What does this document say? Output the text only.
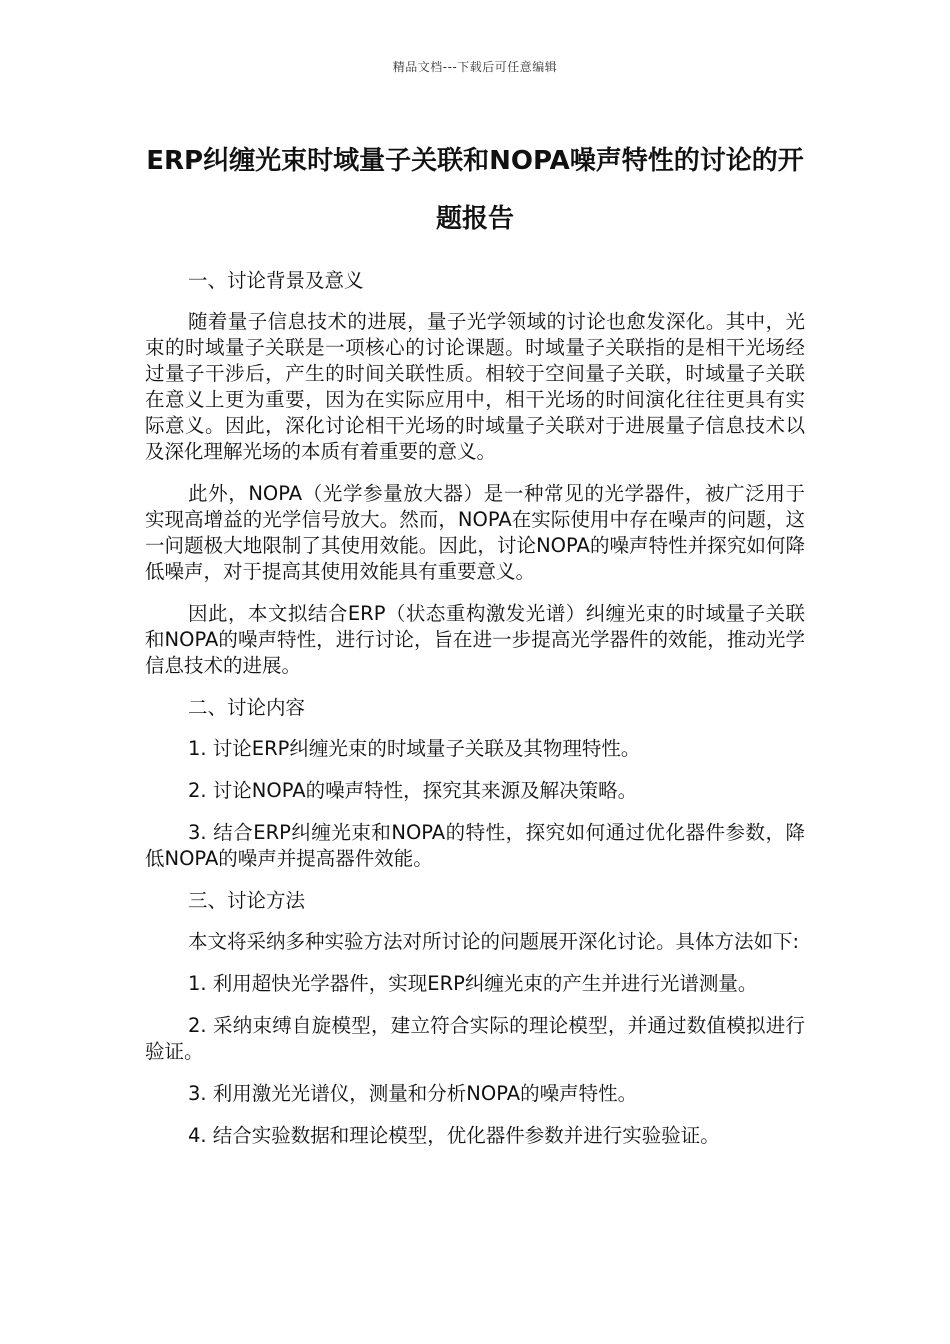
精品文档---下载后可任意编辑
ERP纠缠光束时域量子关联和NOPA噪声特性的讨论的开题报告

一、讨论背景及意义

随着量子信息技术的进展，量子光学领域的讨论也愈发深化。其中，光束的时域量子关联是一项核心的讨论课题。时域量子关联指的是相干光场经过量子干涉后，产生的时间关联性质。相较于空间量子关联，时域量子关联在意义上更为重要，因为在实际应用中，相干光场的时间演化往往更具有实际意义。因此，深化讨论相干光场的时域量子关联对于进展量子信息技术以及深化理解光场的本质有着重要的意义。

此外，NOPA（光学参量放大器）是一种常见的光学器件，被广泛用于实现高增益的光学信号放大。然而，NOPA在实际使用中存在噪声的问题，这一问题极大地限制了其使用效能。因此，讨论NOPA的噪声特性并探究如何降低噪声，对于提高其使用效能具有重要意义。

因此，本文拟结合ERP（状态重构激发光谱）纠缠光束的时域量子关联和NOPA的噪声特性，进行讨论，旨在进一步提高光学器件的效能，推动光学信息技术的进展。

二、讨论内容

1. 讨论ERP纠缠光束的时域量子关联及其物理特性。

2. 讨论NOPA的噪声特性，探究其来源及解决策略。

3. 结合ERP纠缠光束和NOPA的特性，探究如何通过优化器件参数，降低NOPA的噪声并提高器件效能。

三、讨论方法

本文将采纳多种实验方法对所讨论的问题展开深化讨论。具体方法如下:

1. 利用超快光学器件，实现ERP纠缠光束的产生并进行光谱测量。

2. 采纳束缚自旋模型，建立符合实际的理论模型，并通过数值模拟进行验证。

3. 利用激光光谱仪，测量和分析NOPA的噪声特性。

4. 结合实验数据和理论模型，优化器件参数并进行实验验证。
